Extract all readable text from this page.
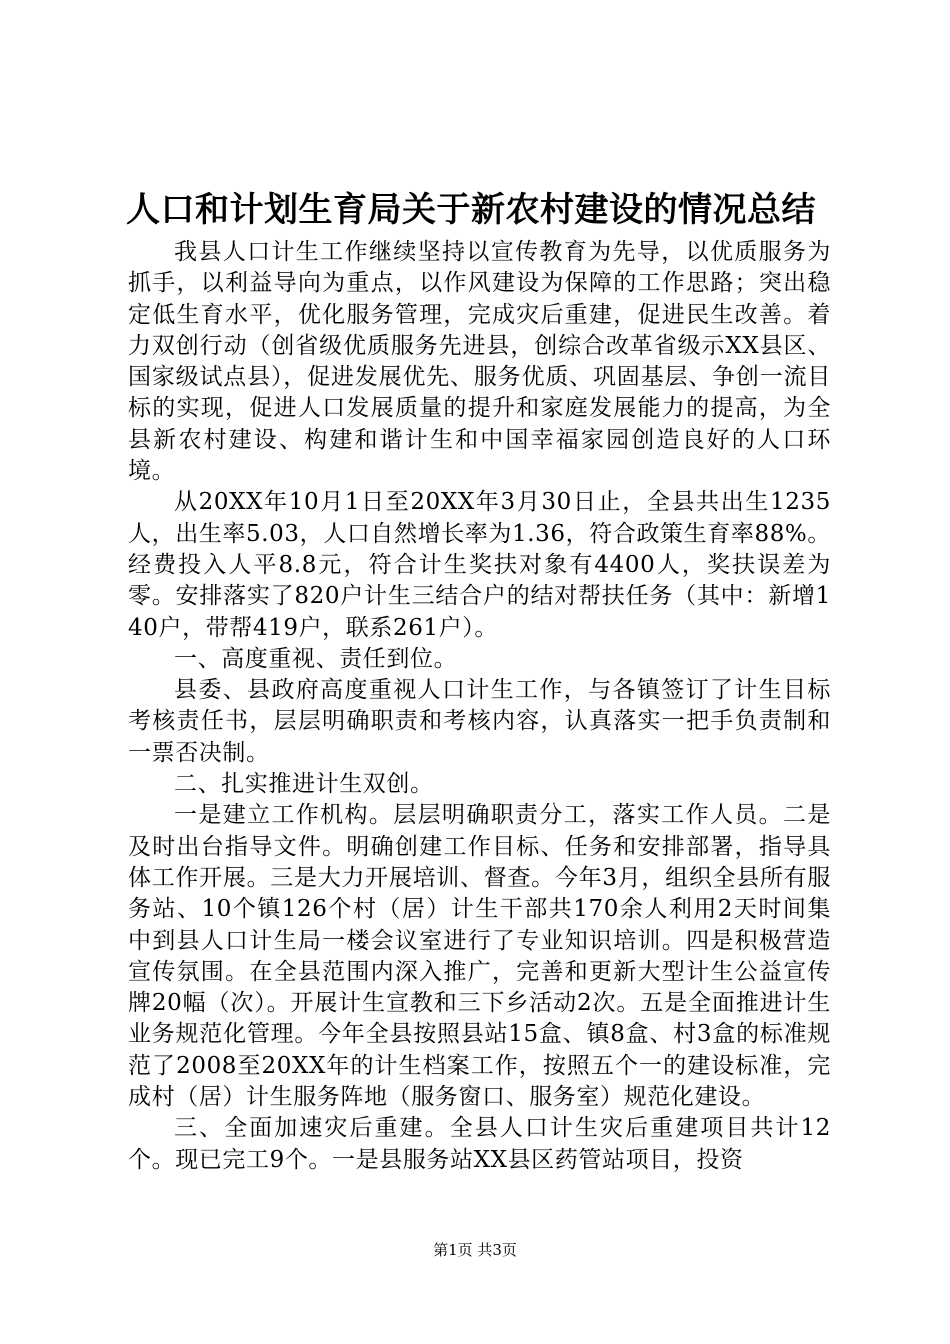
人口和计划生育局关于新农村建设的情况总结

我县人口计生工作继续坚持以宣传教育为先导，以优质服务为抓手，以利益导向为重点，以作风建设为保障的工作思路；突出稳定低生育水平，优化服务管理，完成灾后重建，促进民生改善。着力双创行动（创省级优质服务先进县，创综合改革省级示XX县区、国家级试点县），促进发展优先、服务优质、巩固基层、争创一流目标的实现，促进人口发展质量的提升和家庭发展能力的提高，为全县新农村建设、构建和谐计生和中国幸福家园创造良好的人口环境。

从20XX年10月1日至20XX年3月30日止，全县共出生1235人，出生率5.03，人口自然增长率为1.36，符合政策生育率88%。经费投入人平8.8元，符合计生奖扶对象有4400人，奖扶误差为零。安排落实了820户计生三结合户的结对帮扶任务（其中：新增140户，带帮419户，联系261户）。

一、高度重视、责任到位。

县委、县政府高度重视人口计生工作，与各镇签订了计生目标考核责任书，层层明确职责和考核内容，认真落实一把手负责制和一票否决制。

二、扎实推进计生双创。

一是建立工作机构。层层明确职责分工，落实工作人员。二是及时出台指导文件。明确创建工作目标、任务和安排部署，指导具体工作开展。三是大力开展培训、督查。今年3月，组织全县所有服务站、10个镇126个村（居）计生干部共170余人利用2天时间集中到县人口计生局一楼会议室进行了专业知识培训。四是积极营造宣传氛围。在全县范围内深入推广，完善和更新大型计生公益宣传牌20幅（次）。开展计生宣教和三下乡活动2次。五是全面推进计生业务规范化管理。今年全县按照县站15盒、镇8盒、村3盒的标准规范了2008至20XX年的计生档案工作，按照五个一的建设标准，完成村（居）计生服务阵地（服务窗口、服务室）规范化建设。

三、全面加速灾后重建。全县人口计生灾后重建项目共计12个。现已完工9个。一是县服务站XX县区药管站项目，投资

第1页 共3页
